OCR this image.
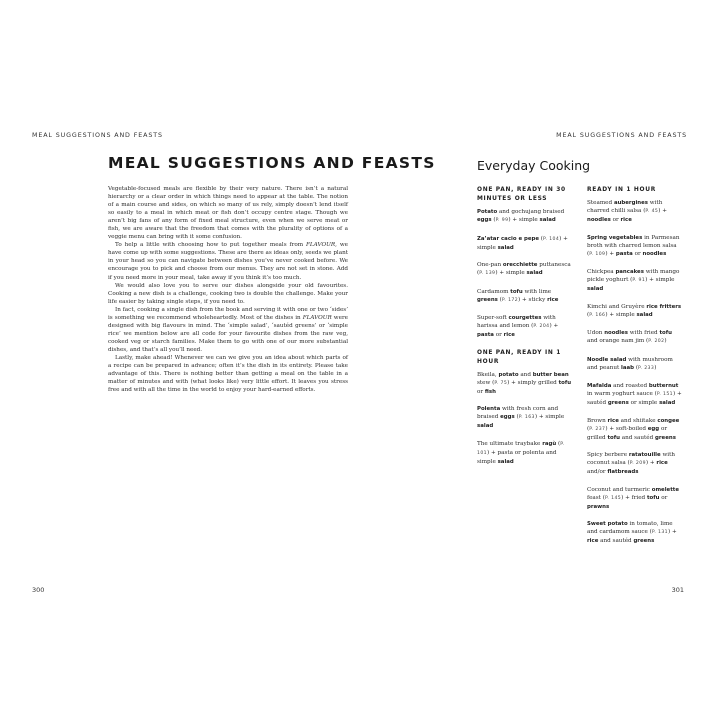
MEAL SUGGESTIONS AND FEASTS	MEAL SUGGESTIONS AND FEASTS
MEAL SUGGESTIONS AND FEASTS

Vegetable-focused meals are flexible by their very nature. There isn’t a natural hierarchy or a clear order in which things need to appear at the table. The notion of a main course and sides, on which so many of us rely, simply doesn’t lend itself so easily to a meal in which meat or fish don’t occupy centre stage. Though we aren’t big fans of any form of fixed meal structure, even when we serve meat or fish, we are aware that the freedom that comes with the plurality of options of a veggie menu can bring with it some confusion.

To help a little with choosing how to put together meals from FLAVOUR, we have come up with some suggestions. These are there as ideas only, seeds we plant in your head so you can navigate between dishes you’ve never cooked before. We encourage you to pick and choose from our menus. They are not set in stone. Add if you need more in your meal, take away if you think it’s too much.

We would also love you to serve our dishes alongside your old favourites. Cooking a new dish is a challenge, cooking two is double the challenge. Make your life easier by taking single steps, if you need to.

In fact, cooking a single dish from the book and serving it with one or two ‘sides’ is something we recommend wholeheartedly. Most of the dishes in FLAVOUR were designed with big flavours in mind. The ‘simple salad’, ‘sautéd greens’ or ‘simple rice’ we mention below are all code for your favourite dishes from the raw veg, cooked veg or starch families. Make them to go with one of our more substantial dishes, and that’s all you’ll need.

Lastly, make ahead! Whenever we can we give you an idea about which parts of a recipe can be prepared in advance; often it’s the dish in its entirety. Please take advantage of this. There is nothing better than getting a meal on the table in a matter of minutes and with (what looks like) very little effort. It leaves you stress free and with all the time in the world to enjoy your hard-earned efforts.

Everyday Cooking
ONE PAN, READY IN 30 MINUTES OR LESS

Potato and gochujang braised eggs (P. 99) + simple salad

Za’atar cacio e pepe (P. 104) + simple salad

One-pan orecchiette puttanesca (P. 139) + simple salad

Cardamom tofu with lime greens (P. 172) + sticky rice

Super-soft courgettes with harissa and lemon (P. 204) + pasta or rice

ONE PAN, READY IN 1 HOUR

Bkeila, potato and butter bean stew (P. 75) + simply grilled tofu or fish

Polenta with fresh corn and braised eggs (P. 163) + simple salad

The ultimate traybake ragù (P. 101) + pasta or polenta and simple salad

READY IN 1 HOUR

Steamed aubergines with charred chilli salsa (P. 45) + noodles or rice

Spring vegetables in Parmesan broth with charred lemon salsa (P. 109) + pasta or noodles

Chickpea pancakes with mango pickle yoghurt (P. 91) + simple salad

Kimchi and Gruyère rice fritters (P. 166) + simple salad

Udon noodles with fried tofu and orange nam jim (P. 202)

Noodle salad with mushroom and peanut laab (P. 233)

Mafalda and roasted butternut in warm yoghurt sauce (P. 151) + sautéd greens or simple salad

Brown rice and shiitake congee (P. 237) + soft-boiled egg or grilled tofu and sautéd greens

Spicy berbere ratatouille with coconut salsa (P. 209) + rice and/or flatbreads

Coconut and turmeric omelette feast (P. 145) + fried tofu or prawns

Sweet potato in tomato, lime and cardamom sauce (P. 131) + rice and sautéd greens

300	301
